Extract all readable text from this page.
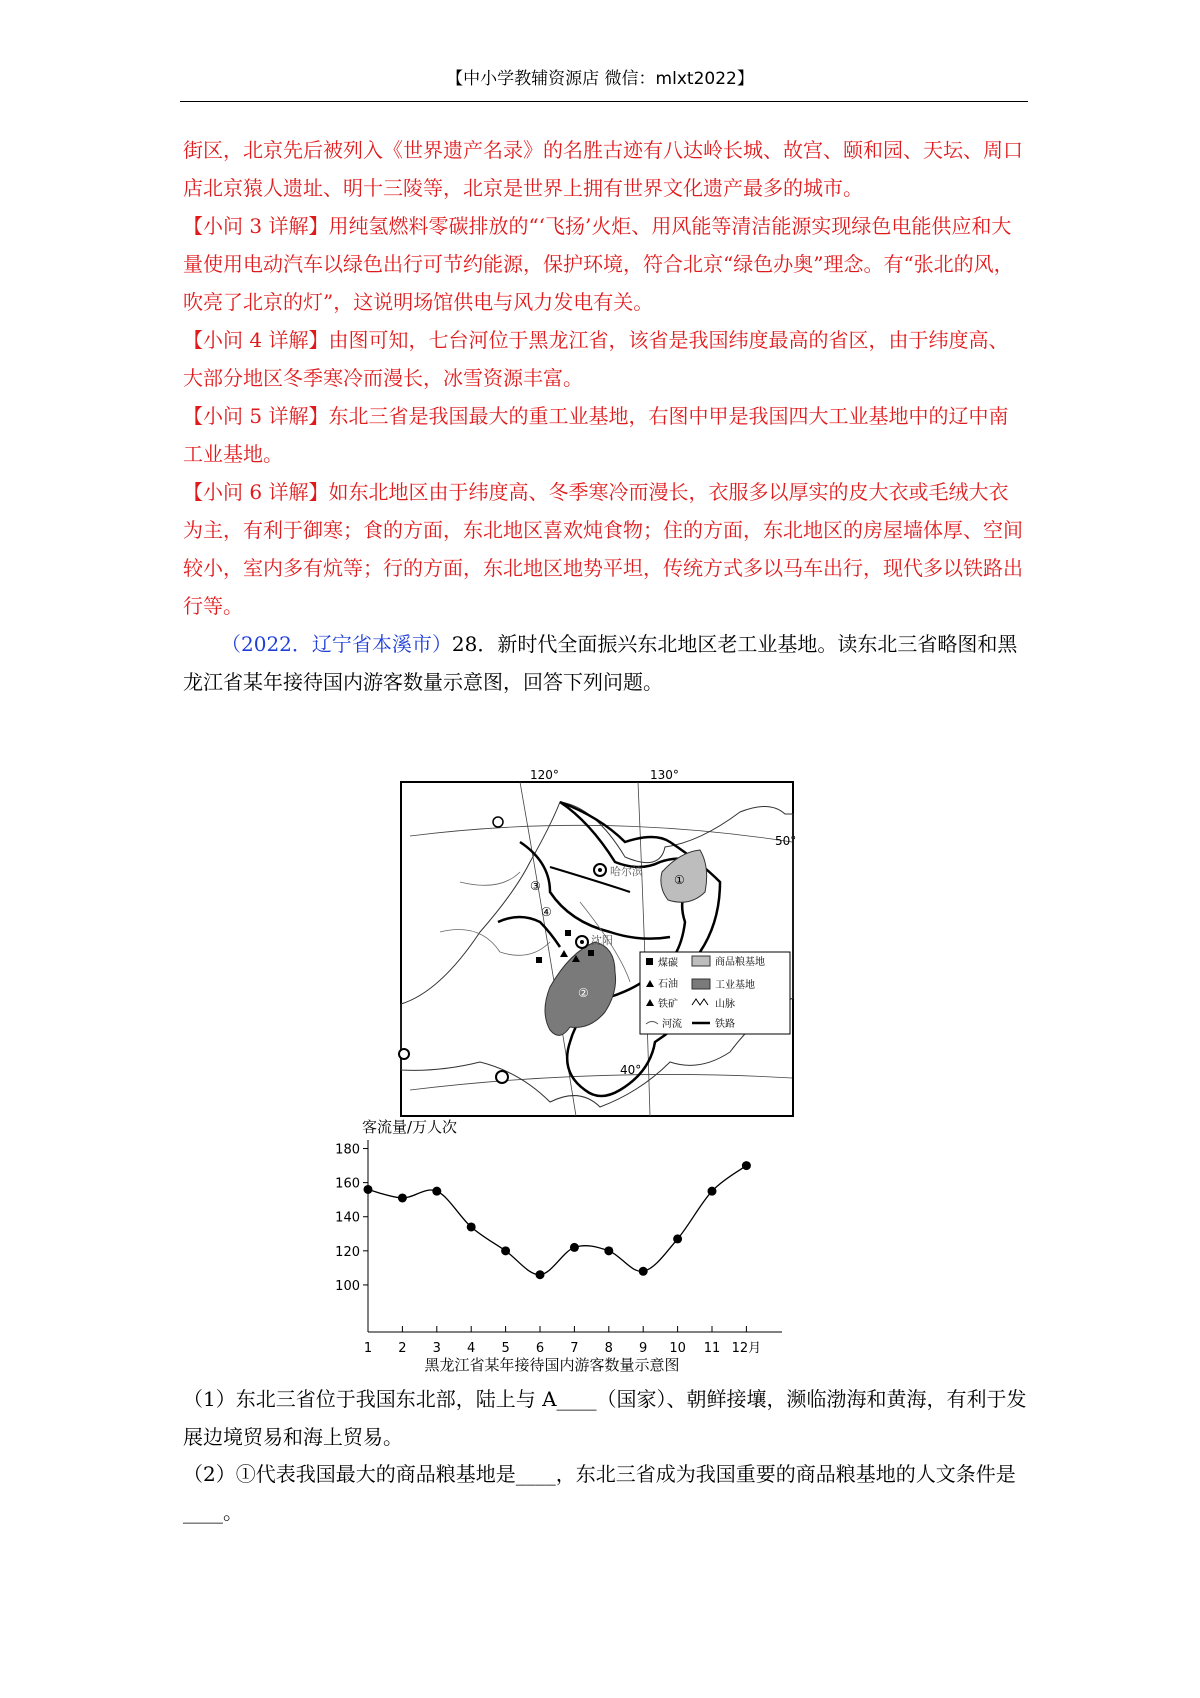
【中小学教辅资源店 微信：mlxt2022】

街区，北京先后被列入《世界遗产名录》的名胜古迹有八达岭长城、故宫、颐和园、天坛、周口店北京猿人遗址、明十三陵等，北京是世界上拥有世界文化遗产最多的城市。

【小问 3 详解】用纯氢燃料零碳排放的“‘飞扬’火炬、用风能等清洁能源实现绿色电能供应和大量使用电动汽车以绿色出行可节约能源，保护环境，符合北京“绿色办奥”理念。有“张北的风，吹亮了北京的灯”，这说明场馆供电与风力发电有关。

【小问 4 详解】由图可知，七台河位于黑龙江省，该省是我国纬度最高的省区，由于纬度高、大部分地区冬季寒冷而漫长，冰雪资源丰富。

【小问 5 详解】东北三省是我国最大的重工业基地，右图中甲是我国四大工业基地中的辽中南工业基地。

【小问 6 详解】如东北地区由于纬度高、冬季寒冷而漫长，衣服多以厚实的皮大衣或毛绒大衣为主，有利于御寒；食的方面，东北地区喜欢炖食物；住的方面，东北地区的房屋墙体厚、空间较小，室内多有炕等；行的方面，东北地区地势平坦，传统方式多以马车出行，现代多以铁路出行等。

（2022．辽宁省本溪市）28．新时代全面振兴东北地区老工业基地。读东北三省略图和黑龙江省某年接待国内游客数量示意图，回答下列问题。

120°	130°
50°
40°
①
②
③
④
哈尔滨
沈阳
煤碳	商品粮基地
石油	工业基地
铁矿	山脉
河流	铁路
客流量/万人次
100
120
140
160
180
1 2 3 4 5 6 7 8 9 10 11 12月
黑龙江省某年接待国内游客数量示意图

（1）东北三省位于我国东北部，陆上与 A____（国家）、朝鲜接壤，濒临渤海和黄海，有利于发展边境贸易和海上贸易。

（2）①代表我国最大的商品粮基地是____，东北三省成为我国重要的商品粮基地的人文条件是____。
